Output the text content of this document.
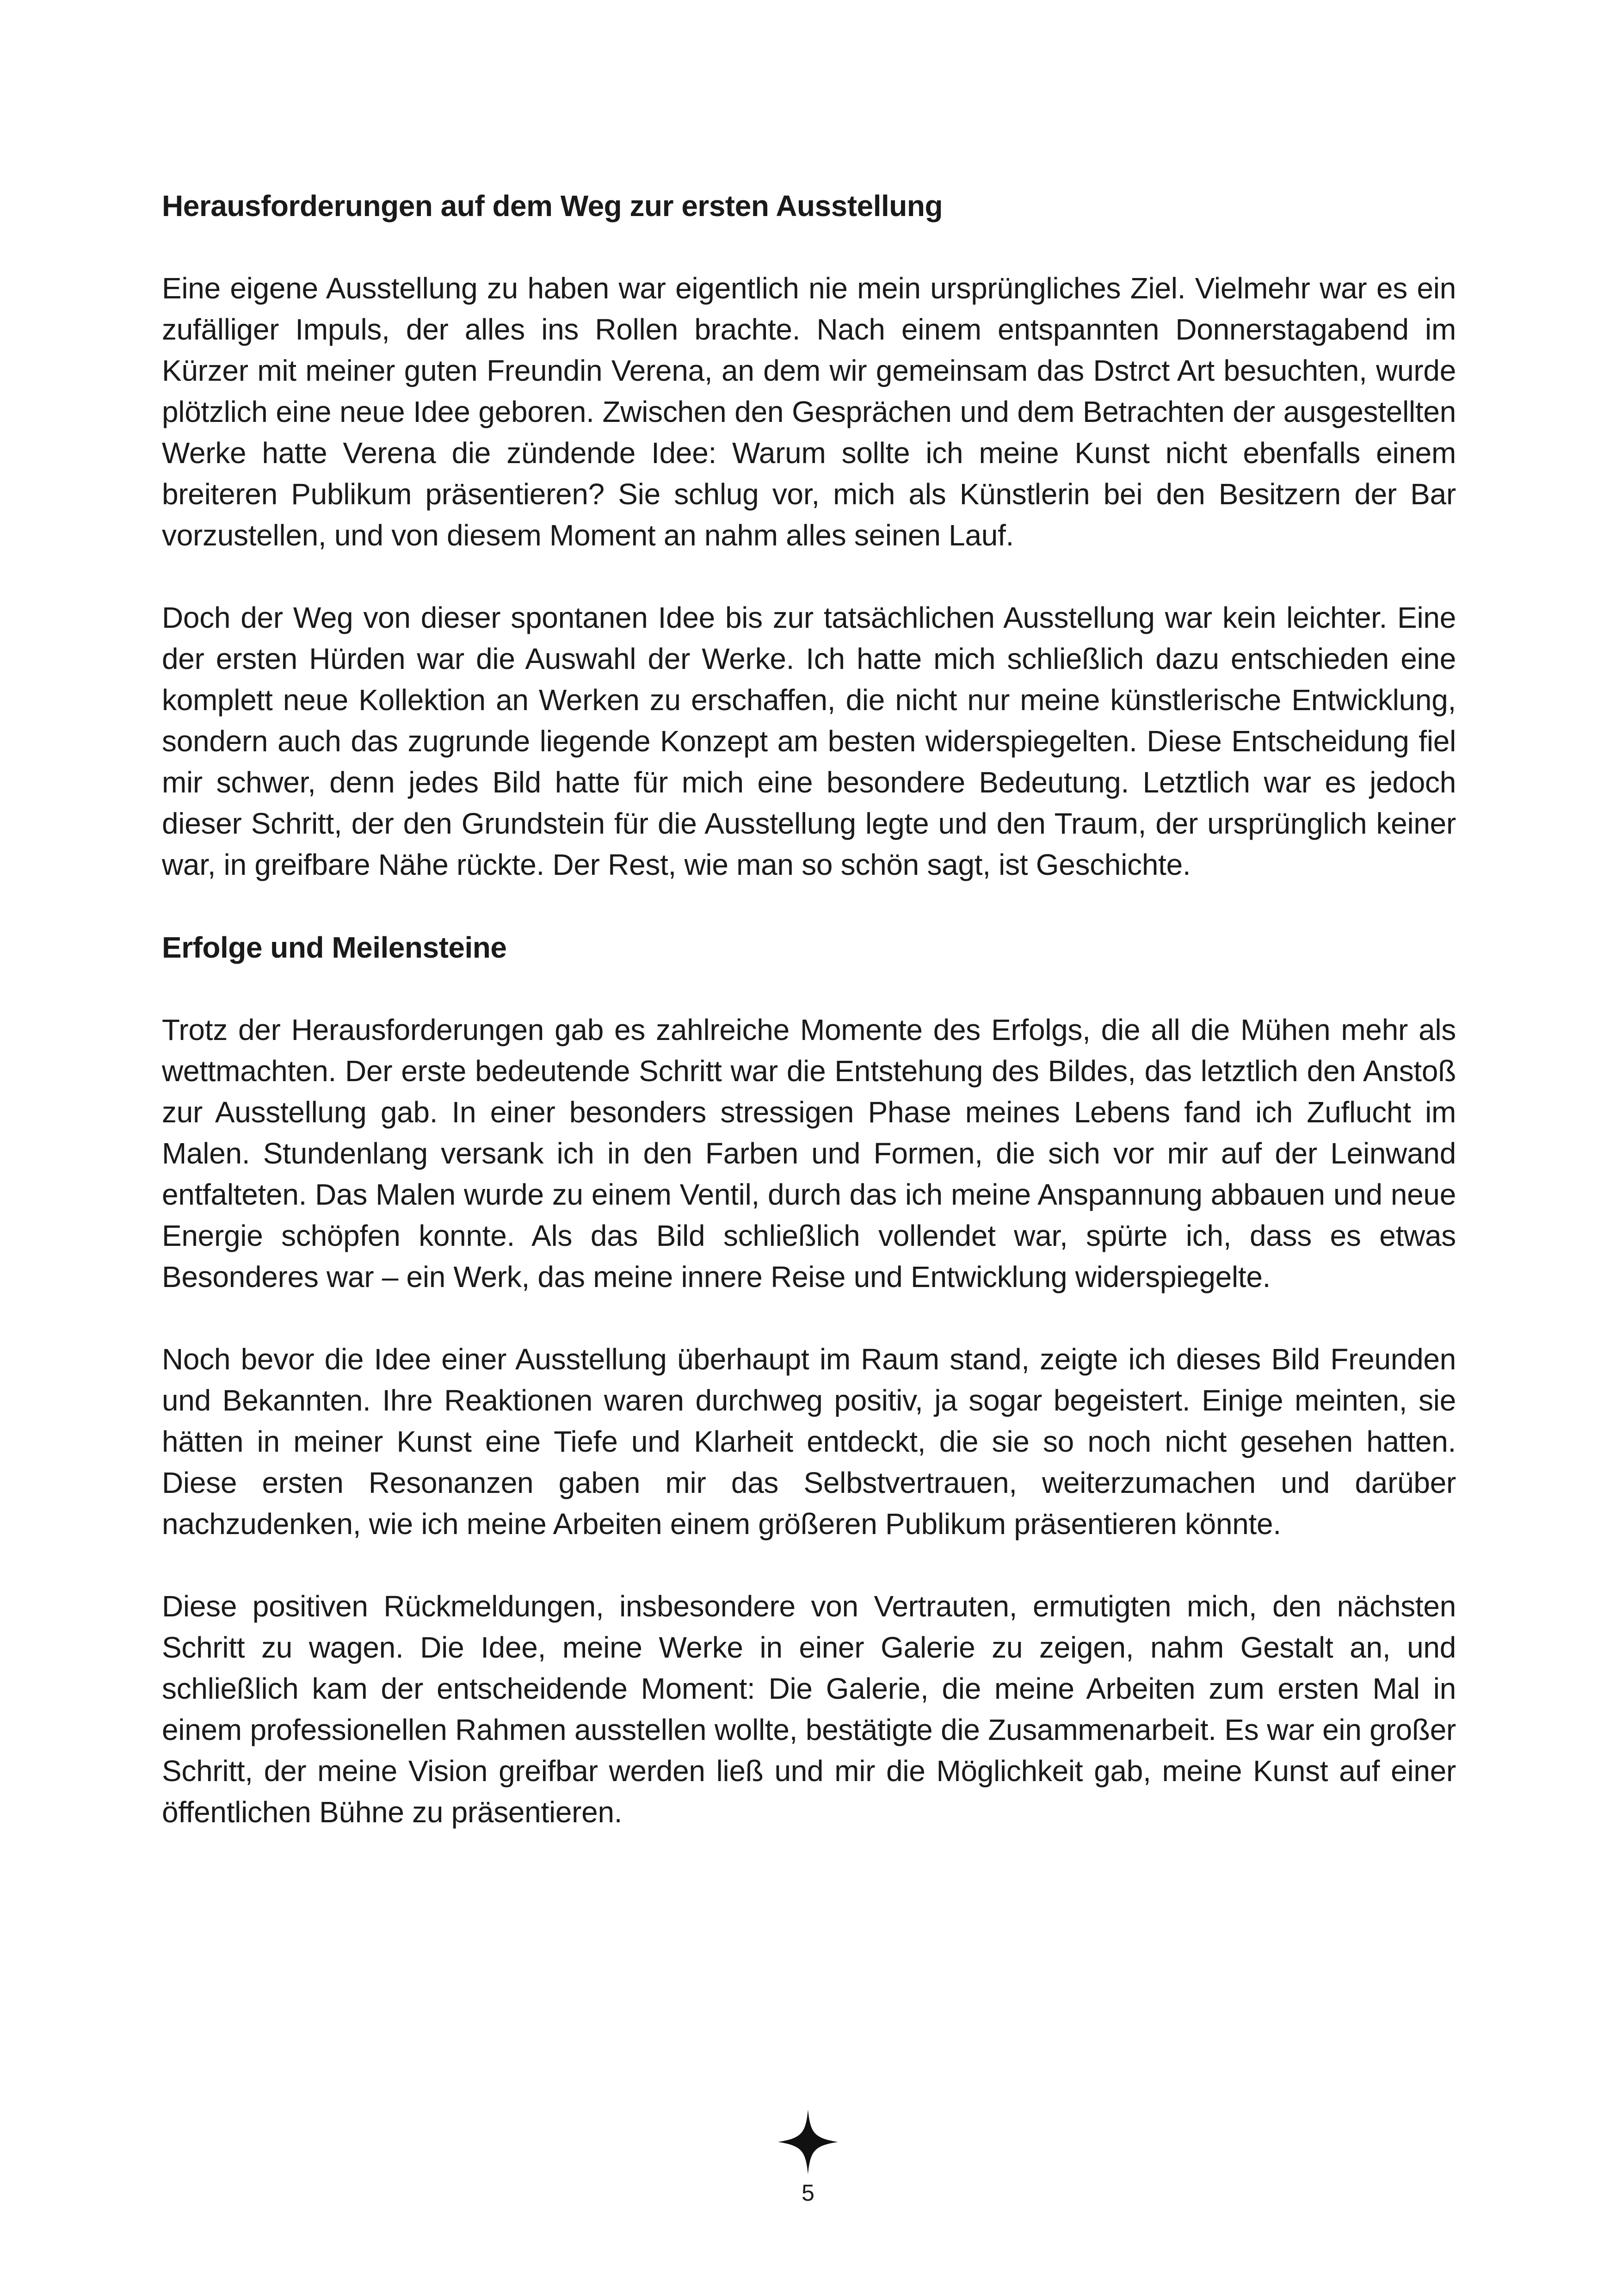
Herausforderungen auf dem Weg zur ersten Ausstellung

Eine eigene Ausstellung zu haben war eigentlich nie mein ursprüngliches Ziel. Vielmehr war es ein zufälliger Impuls, der alles ins Rollen brachte. Nach einem entspannten Donnerstagabend im Kürzer mit meiner guten Freundin Verena, an dem wir gemeinsam das Dstrct Art besuchten, wurde plötzlich eine neue Idee geboren. Zwischen den Gesprächen und dem Betrachten der ausgestellten Werke hatte Verena die zündende Idee: Warum sollte ich meine Kunst nicht ebenfalls einem breiteren Publikum präsentieren? Sie schlug vor, mich als Künstlerin bei den Besitzern der Bar vorzustellen, und von diesem Moment an nahm alles seinen Lauf.

Doch der Weg von dieser spontanen Idee bis zur tatsächlichen Ausstellung war kein leichter. Eine der ersten Hürden war die Auswahl der Werke. Ich hatte mich schließlich dazu entschieden eine komplett neue Kollektion an Werken zu erschaffen, die nicht nur meine künstlerische Entwicklung, sondern auch das zugrunde liegende Konzept am besten widerspiegelten. Diese Entscheidung fiel mir schwer, denn jedes Bild hatte für mich eine besondere Bedeutung. Letztlich war es jedoch dieser Schritt, der den Grundstein für die Ausstellung legte und den Traum, der ursprünglich keiner war, in greifbare Nähe rückte. Der Rest, wie man so schön sagt, ist Geschichte.

Erfolge und Meilensteine

Trotz der Herausforderungen gab es zahlreiche Momente des Erfolgs, die all die Mühen mehr als wettmachten. Der erste bedeutende Schritt war die Entstehung des Bildes, das letztlich den Anstoß zur Ausstellung gab. In einer besonders stressigen Phase meines Lebens fand ich Zuflucht im Malen. Stundenlang versank ich in den Farben und Formen, die sich vor mir auf der Leinwand entfalteten. Das Malen wurde zu einem Ventil, durch das ich meine Anspannung abbauen und neue Energie schöpfen konnte. Als das Bild schließlich vollendet war, spürte ich, dass es etwas Besonderes war – ein Werk, das meine innere Reise und Entwicklung widerspiegelte.

Noch bevor die Idee einer Ausstellung überhaupt im Raum stand, zeigte ich dieses Bild Freunden und Bekannten. Ihre Reaktionen waren durchweg positiv, ja sogar begeistert. Einige meinten, sie hätten in meiner Kunst eine Tiefe und Klarheit entdeckt, die sie so noch nicht gesehen hatten. Diese ersten Resonanzen gaben mir das Selbstvertrauen, weiterzumachen und darüber nachzudenken, wie ich meine Arbeiten einem größeren Publikum präsentieren könnte.

Diese positiven Rückmeldungen, insbesondere von Vertrauten, ermutigten mich, den nächsten Schritt zu wagen. Die Idee, meine Werke in einer Galerie zu zeigen, nahm Gestalt an, und schließlich kam der entscheidende Moment: Die Galerie, die meine Arbeiten zum ersten Mal in einem professionellen Rahmen ausstellen wollte, bestätigte die Zusammenarbeit. Es war ein großer Schritt, der meine Vision greifbar werden ließ und mir die Möglichkeit gab, meine Kunst auf einer öffentlichen Bühne zu präsentieren.

5
